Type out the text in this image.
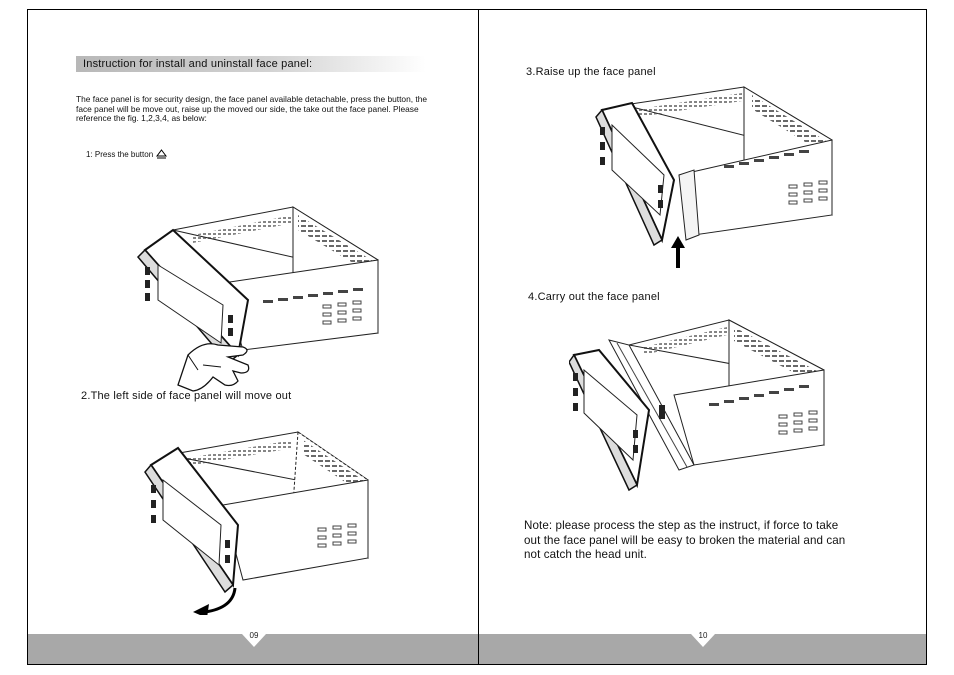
Instruction for install and uninstall face panel:
The face panel is for security design, the face panel available detachable, press the button, the face panel will be move out, raise up the moved our side, the take out the face panel. Please reference the fig. 1,2,3,4, as below:
1: Press the button
2.The left side of face panel will move out
09
3.Raise up the face panel
4.Carry out the face panel
Note: please process the step as the instruct, if force to take
out the face panel will be easy to broken the material and can
not catch the head unit.
10
